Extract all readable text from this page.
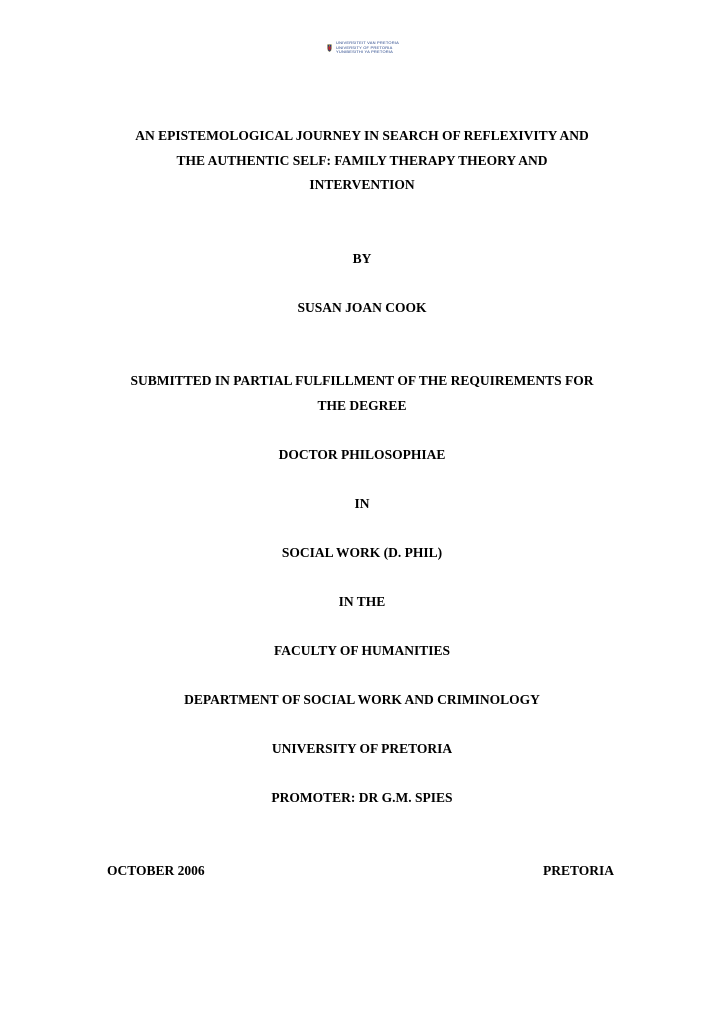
UNIVERSITEIT VAN PRETORIA
UNIVERSITY OF PRETORIA
YUNIBESITHI YA PRETORIA
AN EPISTEMOLOGICAL JOURNEY IN SEARCH OF REFLEXIVITY AND
THE AUTHENTIC SELF: FAMILY THERAPY THEORY AND
INTERVENTION
BY
SUSAN JOAN COOK
SUBMITTED IN PARTIAL FULFILLMENT OF THE REQUIREMENTS FOR
THE DEGREE
DOCTOR PHILOSOPHIAE
IN
SOCIAL WORK (D. PHIL)
IN THE
FACULTY OF HUMANITIES
DEPARTMENT OF SOCIAL WORK AND CRIMINOLOGY
UNIVERSITY OF PRETORIA
PROMOTER: DR G.M. SPIES
OCTOBER 2006	PRETORIA
